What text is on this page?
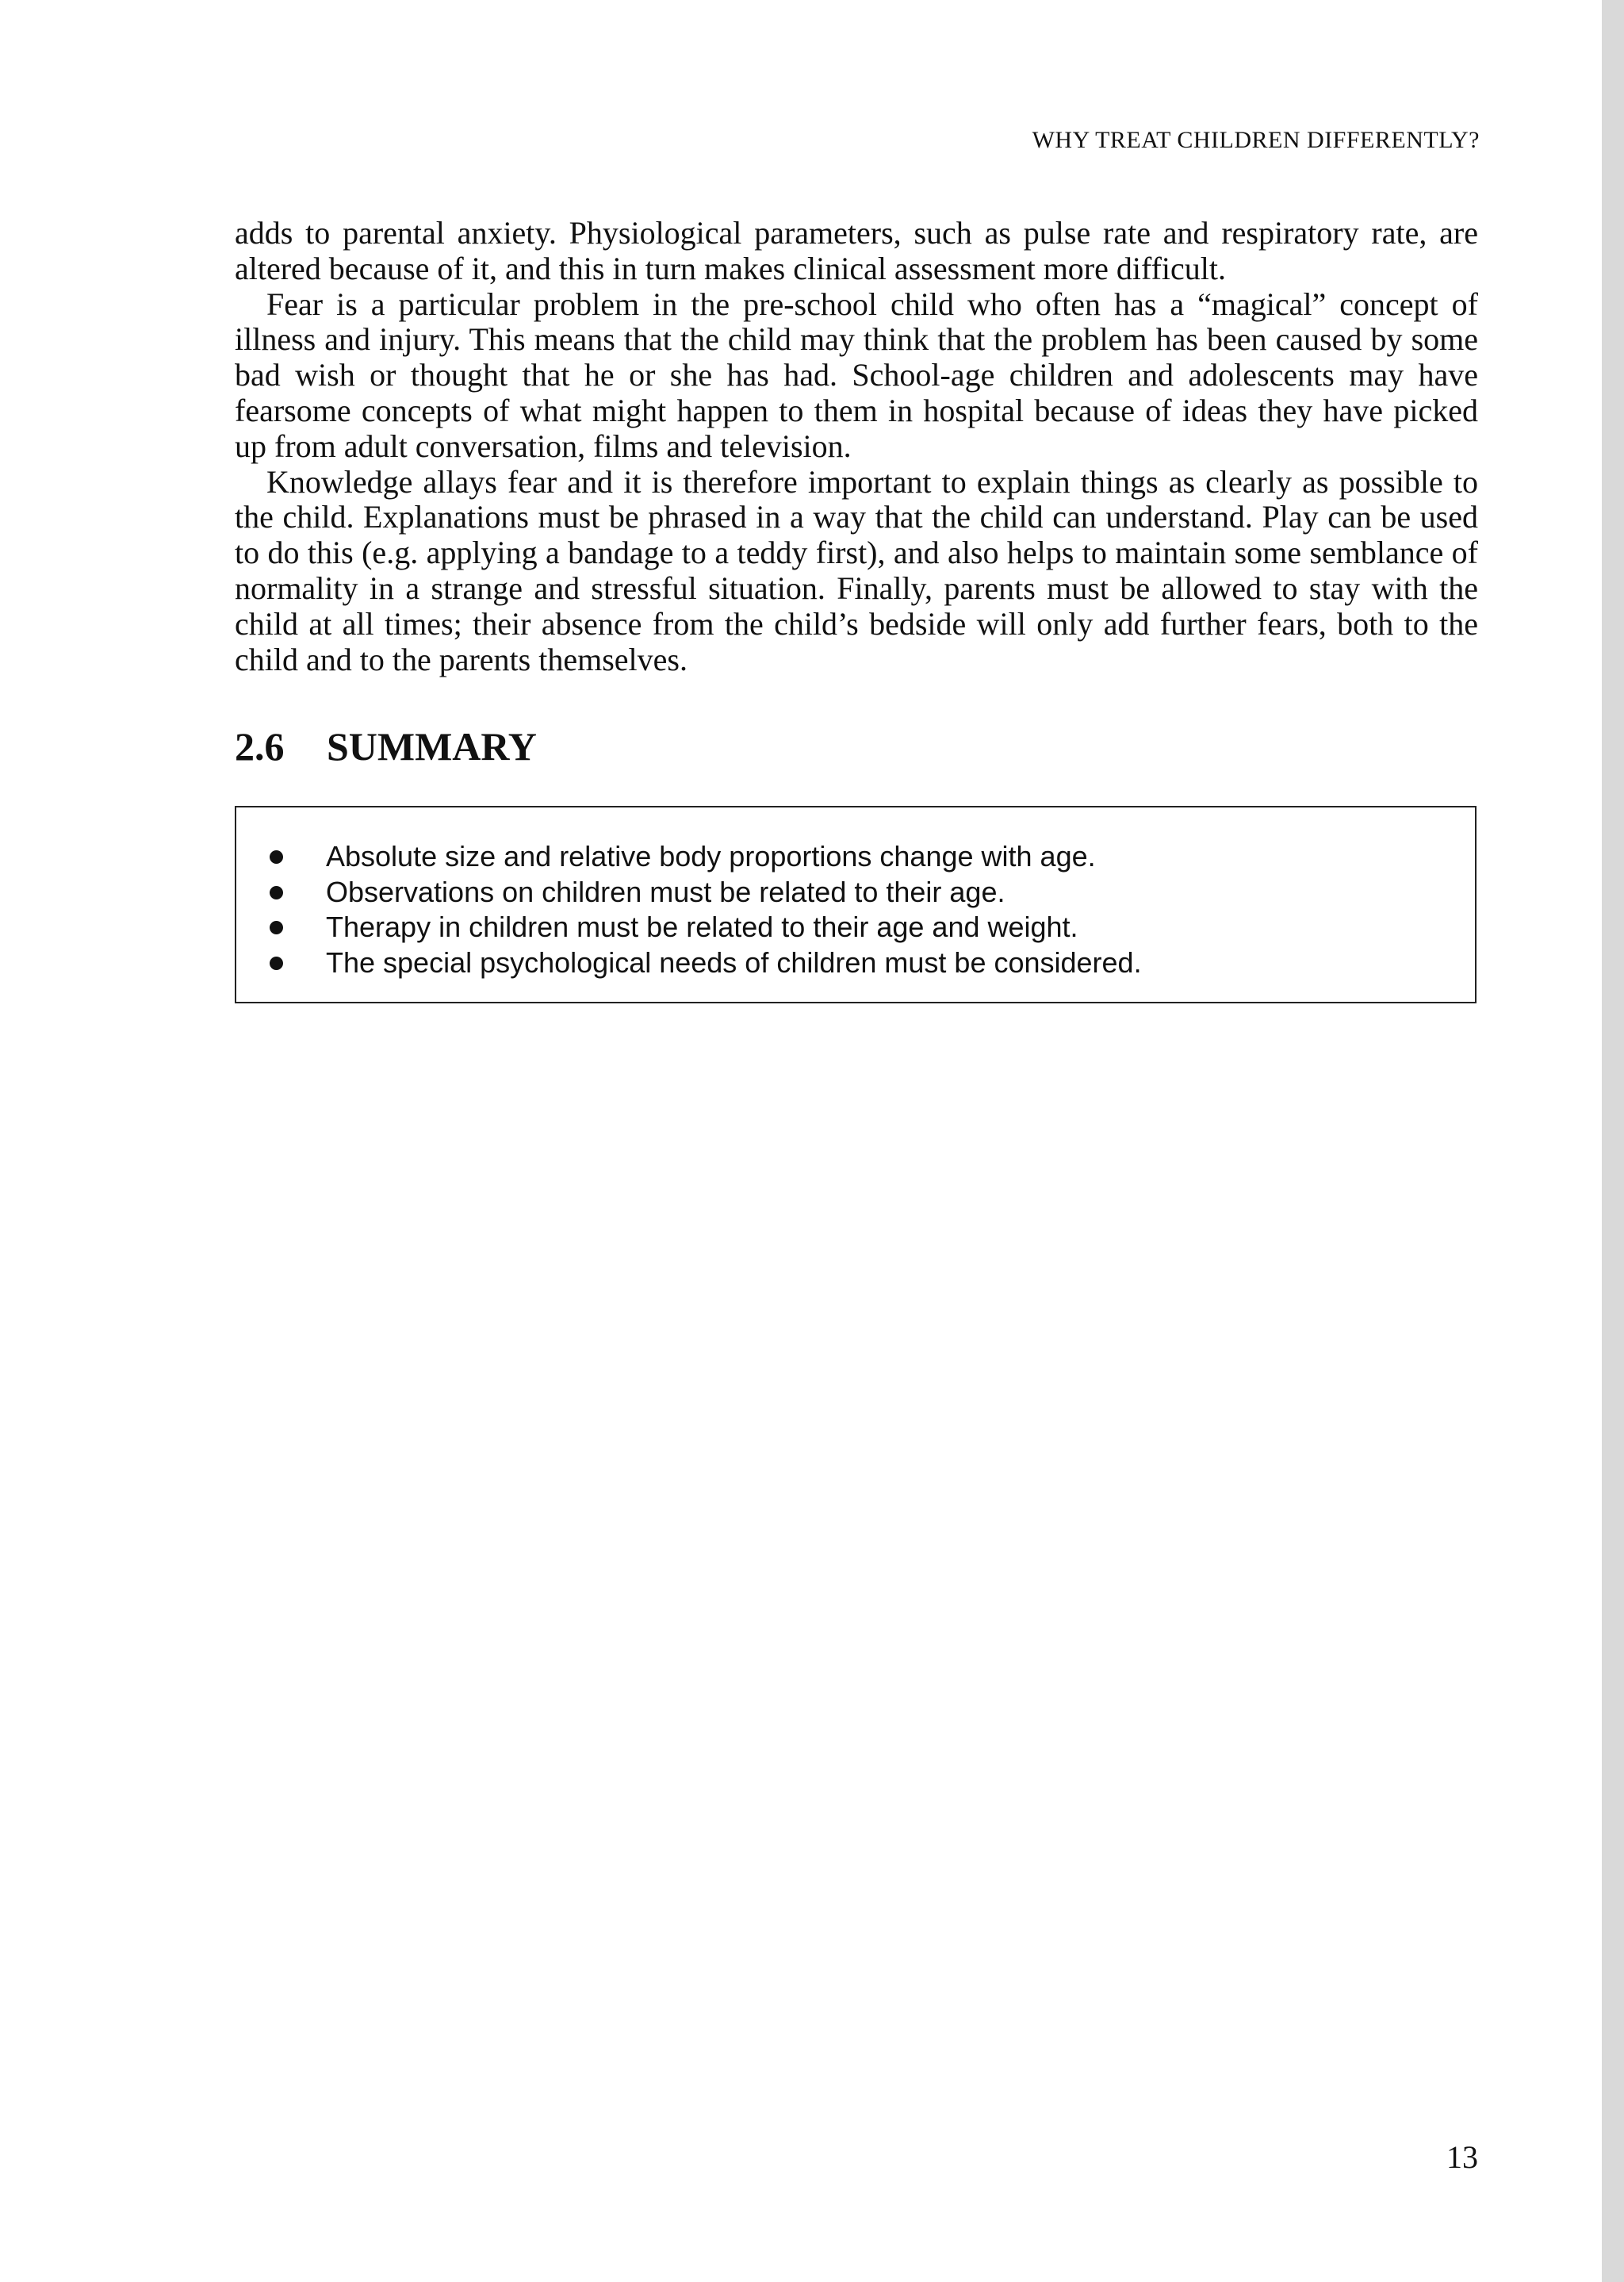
WHY TREAT CHILDREN DIFFERENTLY?

adds to parental anxiety. Physiological parameters, such as pulse rate and respiratory rate, are altered because of it, and this in turn makes clinical assessment more difficult.

Fear is a particular problem in the pre-school child who often has a “magical” concept of illness and injury. This means that the child may think that the problem has been caused by some bad wish or thought that he or she has had. School-age children and adolescents may have fearsome concepts of what might happen to them in hospital because of ideas they have picked up from adult conversation, films and television.

Knowledge allays fear and it is therefore important to explain things as clearly as possible to the child. Explanations must be phrased in a way that the child can understand. Play can be used to do this (e.g. applying a bandage to a teddy first), and also helps to maintain some semblance of normality in a strange and stressful situation. Finally, parents must be allowed to stay with the child at all times; their absence from the child’s bedside will only add further fears, both to the child and to the parents themselves.

2.6 SUMMARY
Absolute size and relative body proportions change with age.
Observations on children must be related to their age.
Therapy in children must be related to their age and weight.
The special psychological needs of children must be considered.
13
